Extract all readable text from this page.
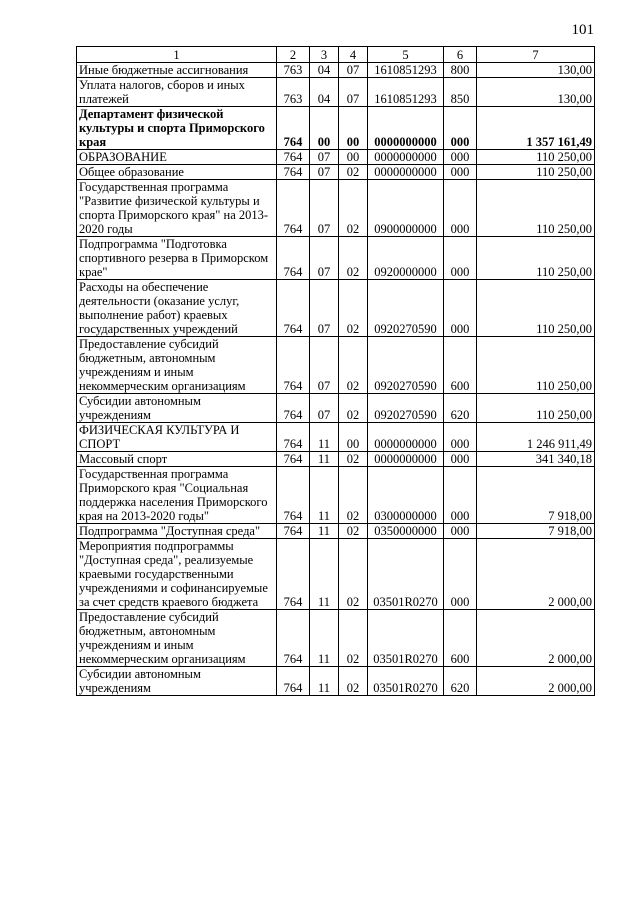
101
1	2	3	4	5	6	7
Иные бюджетные ассигнования	763	04	07	1610851293	800	130,00
Уплата налогов, сборов и иных платежей	763	04	07	1610851293	850	130,00
Департамент физической культуры и спорта Приморского края	764	00	00	0000000000	000	1 357 161,49
ОБРАЗОВАНИЕ	764	07	00	0000000000	000	110 250,00
Общее образование	764	07	02	0000000000	000	110 250,00
Государственная программа "Развитие физической культуры и спорта Приморского края" на 2013-2020 годы	764	07	02	0900000000	000	110 250,00
Подпрограмма "Подготовка спортивного резерва в Приморском крае"	764	07	02	0920000000	000	110 250,00
Расходы на обеспечение деятельности (оказание услуг, выполнение работ) краевых государственных учреждений	764	07	02	0920270590	000	110 250,00
Предоставление субсидий бюджетным, автономным учреждениям и иным некоммерческим организациям	764	07	02	0920270590	600	110 250,00
Субсидии автономным учреждениям	764	07	02	0920270590	620	110 250,00
ФИЗИЧЕСКАЯ КУЛЬТУРА И СПОРТ	764	11	00	0000000000	000	1 246 911,49
Массовый спорт	764	11	02	0000000000	000	341 340,18
Государственная программа Приморского края "Социальная поддержка населения Приморского края на 2013-2020 годы"	764	11	02	0300000000	000	7 918,00
Подпрограмма "Доступная среда"	764	11	02	0350000000	000	7 918,00
Мероприятия подпрограммы "Доступная среда", реализуемые краевыми государственными учреждениями и софинансируемые за счет средств краевого бюджета	764	11	02	03501R0270	000	2 000,00
Предоставление субсидий бюджетным, автономным учреждениям и иным некоммерческим организациям	764	11	02	03501R0270	600	2 000,00
Субсидии автономным учреждениям	764	11	02	03501R0270	620	2 000,00
